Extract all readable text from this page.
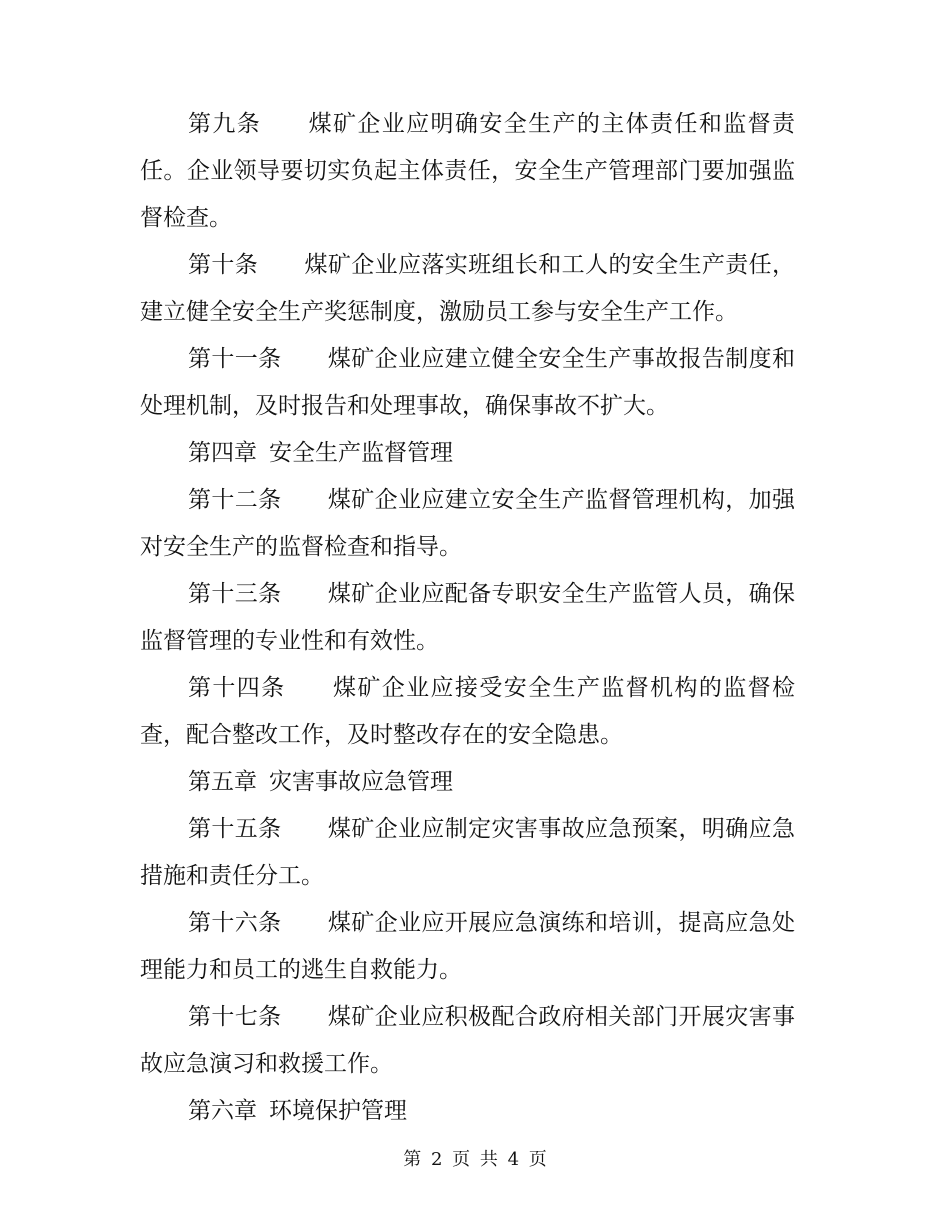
第九条 煤矿企业应明确安全生产的主体责任和监督责任。企业领导要切实负起主体责任，安全生产管理部门要加强监督检查。

第十条 煤矿企业应落实班组长和工人的安全生产责任，建立健全安全生产奖惩制度，激励员工参与安全生产工作。

第十一条 煤矿企业应建立健全安全生产事故报告制度和处理机制，及时报告和处理事故，确保事故不扩大。

第四章 安全生产监督管理

第十二条 煤矿企业应建立安全生产监督管理机构，加强对安全生产的监督检查和指导。

第十三条 煤矿企业应配备专职安全生产监管人员，确保监督管理的专业性和有效性。

第十四条 煤矿企业应接受安全生产监督机构的监督检查，配合整改工作，及时整改存在的安全隐患。

第五章 灾害事故应急管理

第十五条 煤矿企业应制定灾害事故应急预案，明确应急措施和责任分工。

第十六条 煤矿企业应开展应急演练和培训，提高应急处理能力和员工的逃生自救能力。

第十七条 煤矿企业应积极配合政府相关部门开展灾害事故应急演习和救援工作。

第六章 环境保护管理

第 2 页 共 4 页
